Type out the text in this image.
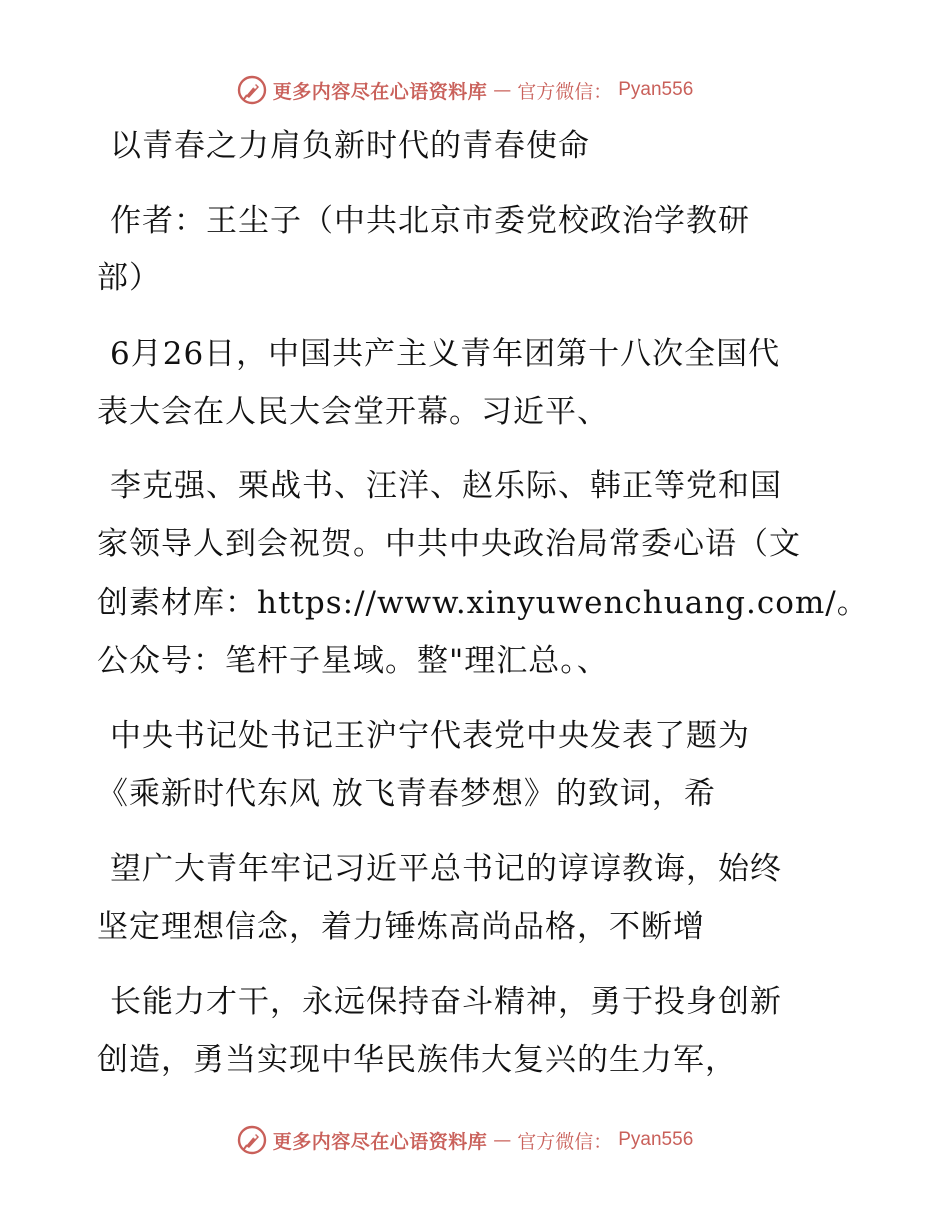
更多内容尽在心语资料库 — 官方微信： Pyan556
以青春之力肩负新时代的青春使命
作者：王尘子（中共北京市委党校政治学教研
部）
6月26日，中国共产主义青年团第十八次全国代
表大会在人民大会堂开幕。习近平、
李克强、栗战书、汪洋、赵乐际、韩正等党和国
家领导人到会祝贺。中共中央政治局常委心语（文
创素材库：https://www.xinyuwenchuang.com/。
公众号：笔杆子星域。整"理汇总。、
中央书记处书记王沪宁代表党中央发表了题为
《乘新时代东风 放飞青春梦想》的致词，希
望广大青年牢记习近平总书记的谆谆教诲，始终
坚定理想信念，着力锤炼高尚品格，不断增
长能力才干，永远保持奋斗精神，勇于投身创新
创造，勇当实现中华民族伟大复兴的生力军，
更多内容尽在心语资料库 — 官方微信： Pyan556
